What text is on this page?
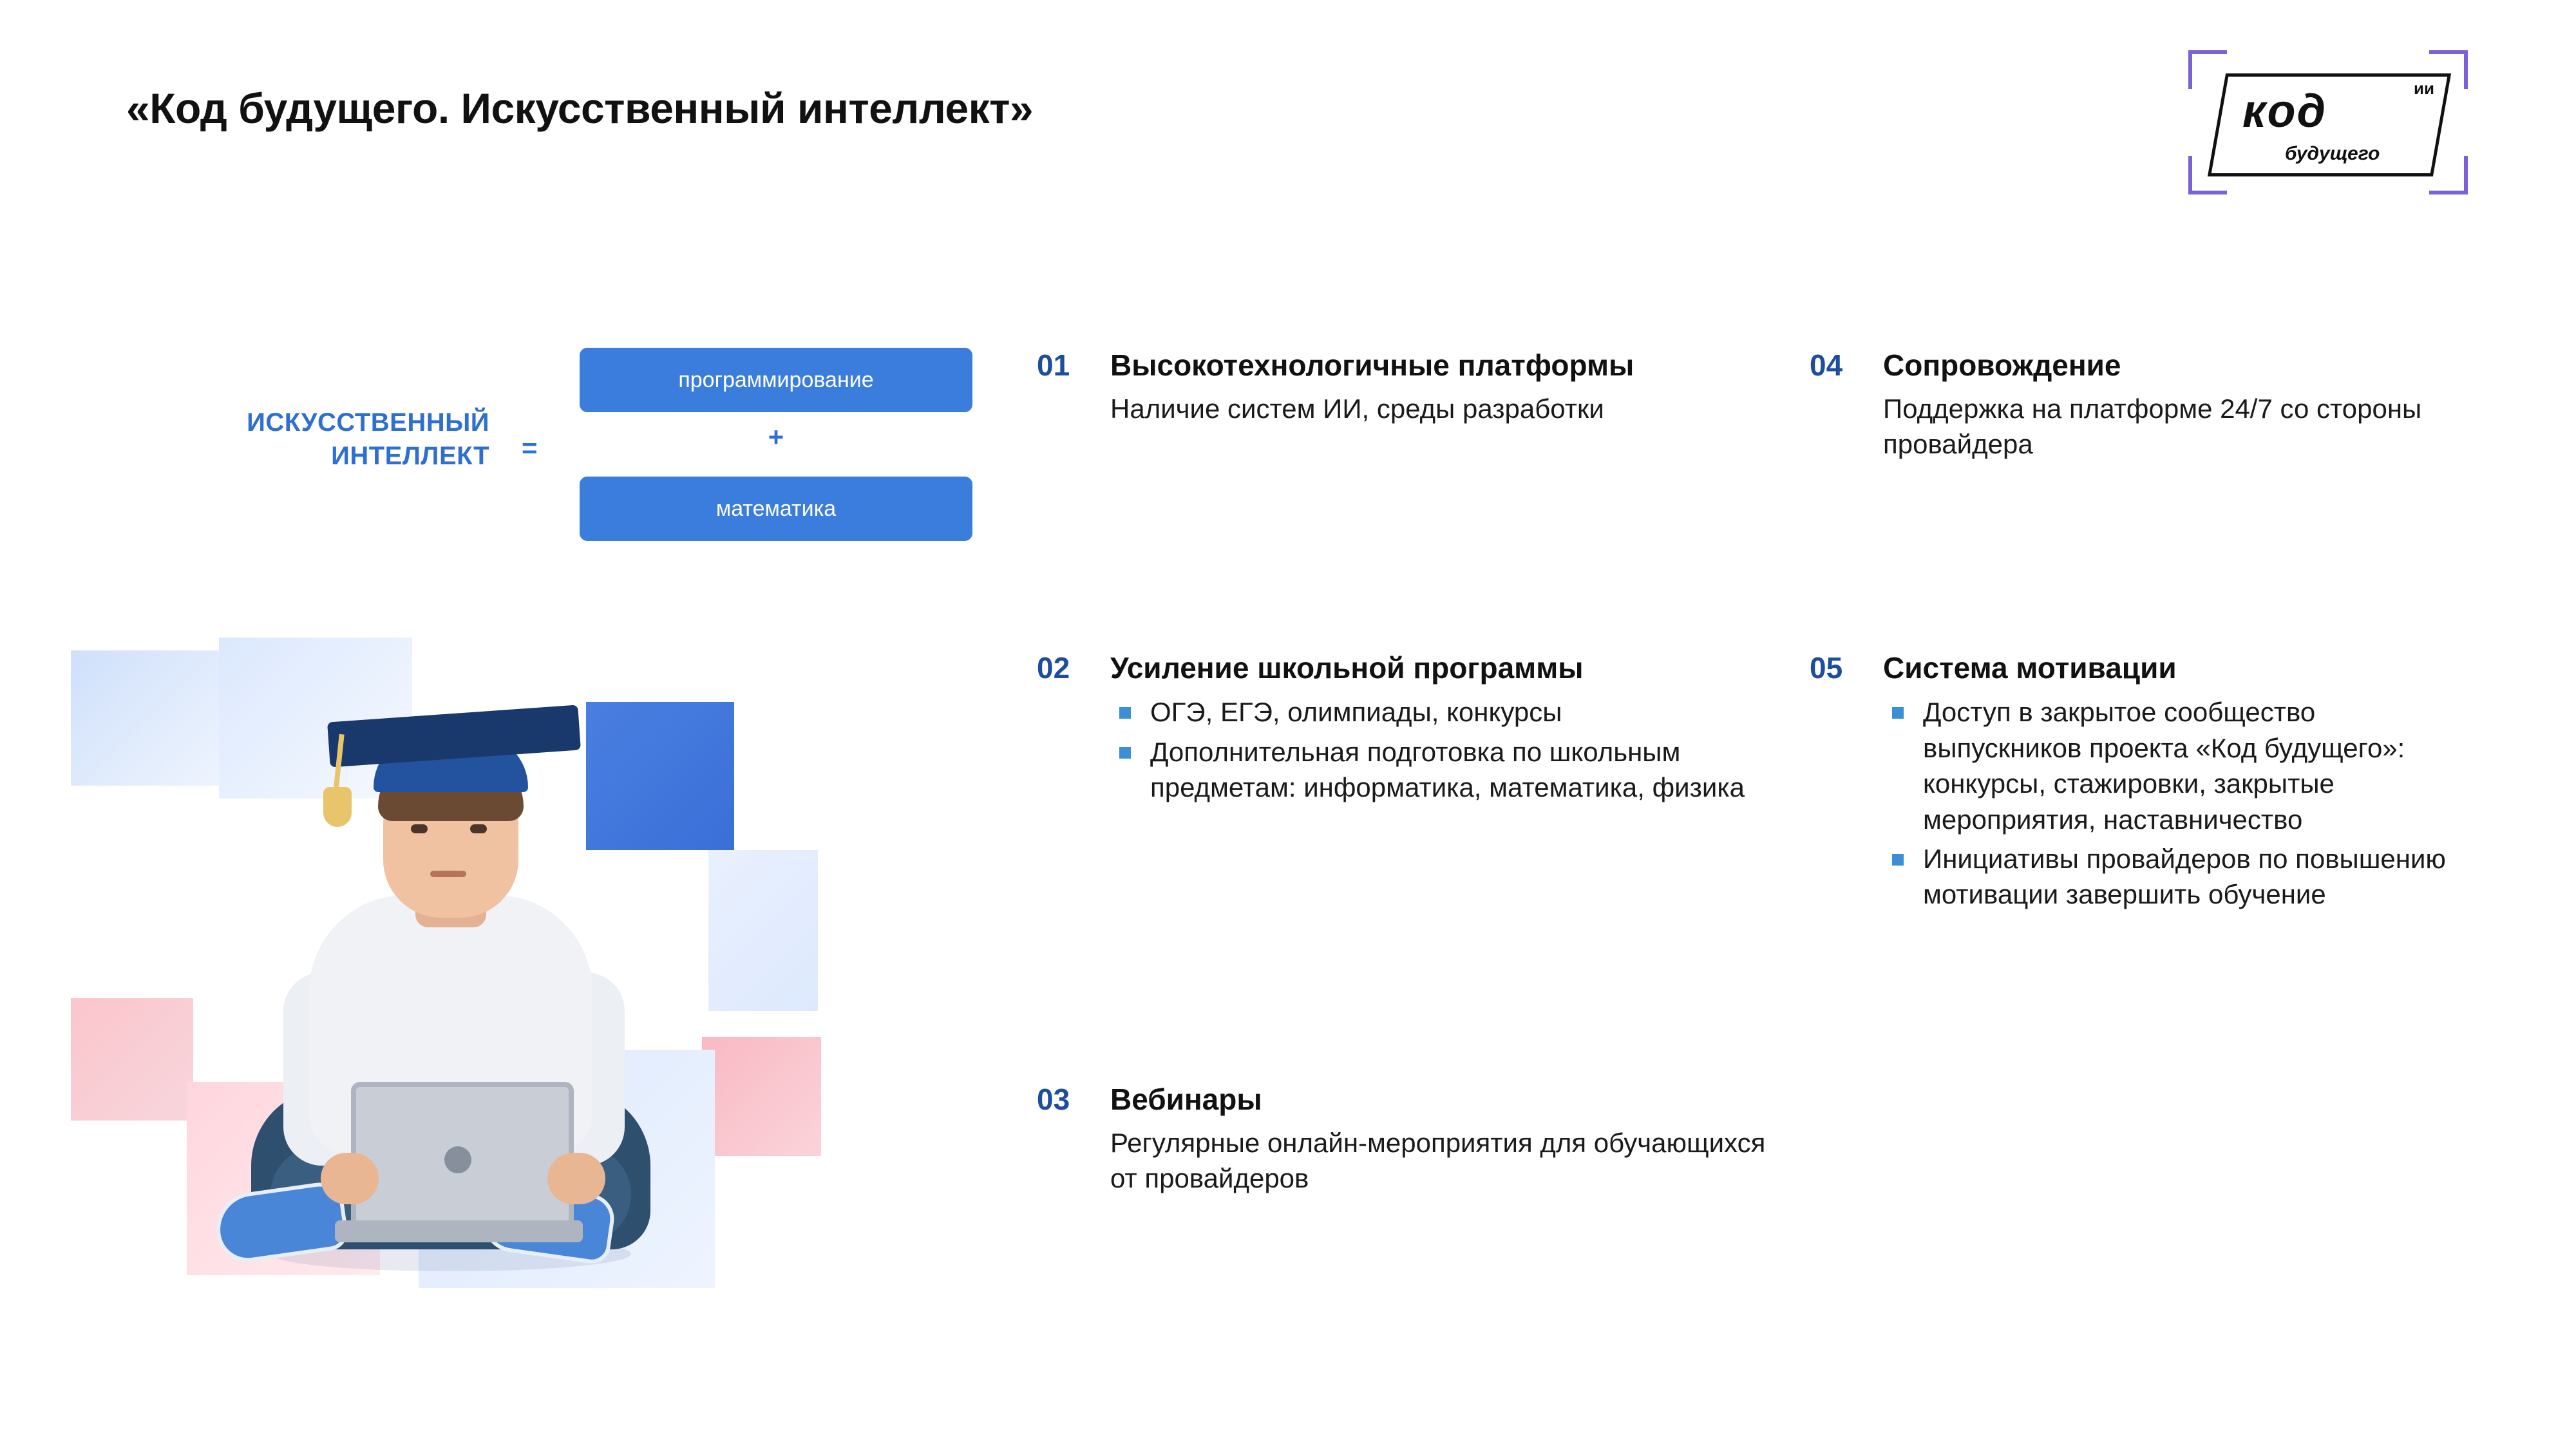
«Код будущего. Искусственный интеллект»	код	ии
будущего
ИСКУССТВЕННЫЙ ИНТЕЛЛЕКТ =
программирование
+
математика
01 Высокотехнологичные платформы
Наличие систем ИИ, среды разработки
02 Усиление школьной программы
ОГЭ, ЕГЭ, олимпиады, конкурсы
Дополнительная подготовка по школьным предметам: информатика, математика, физика
03 Вебинары
Регулярные онлайн-мероприятия для обучающихся от провайдеров
04 Сопровождение
Поддержка на платформе 24/7 со стороны провайдера
05 Система мотивации
Доступ в закрытое сообщество выпускников проекта «Код будущего»: конкурсы, стажировки, закрытые мероприятия, наставничество
Инициативы провайдеров по повышению мотивации завершить обучение
